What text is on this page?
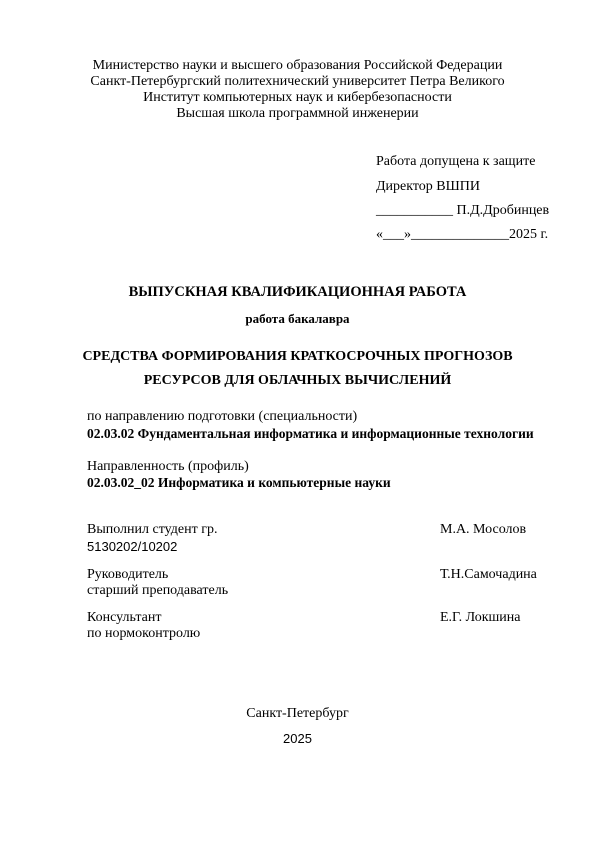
Министерство науки и высшего образования Российской Федерации
Санкт-Петербургский политехнический университет Петра Великого
Институт компьютерных наук и кибербезопасности
Высшая школа программной инженерии
Работа допущена к защите
Директор ВШПИ
___________ П.Д.Дробинцев
«___»______________2025 г.
ВЫПУСКНАЯ КВАЛИФИКАЦИОННАЯ РАБОТА
работа бакалавра
СРЕДСТВА ФОРМИРОВАНИЯ КРАТКОСРОЧНЫХ ПРОГНОЗОВ
РЕСУРСОВ ДЛЯ ОБЛАЧНЫХ ВЫЧИСЛЕНИЙ
по направлению подготовки (специальности)
02.03.02 Фундаментальная информатика и информационные технологии
Направленность (профиль)
02.03.02_02 Информатика и компьютерные науки
Выполнил студент гр.
5130202/10202
М.А. Мосолов
Руководитель
старший преподаватель
Т.Н.Самочадина
Консультант
по нормоконтролю
Е.Г. Локшина
Санкт-Петербург
2025
